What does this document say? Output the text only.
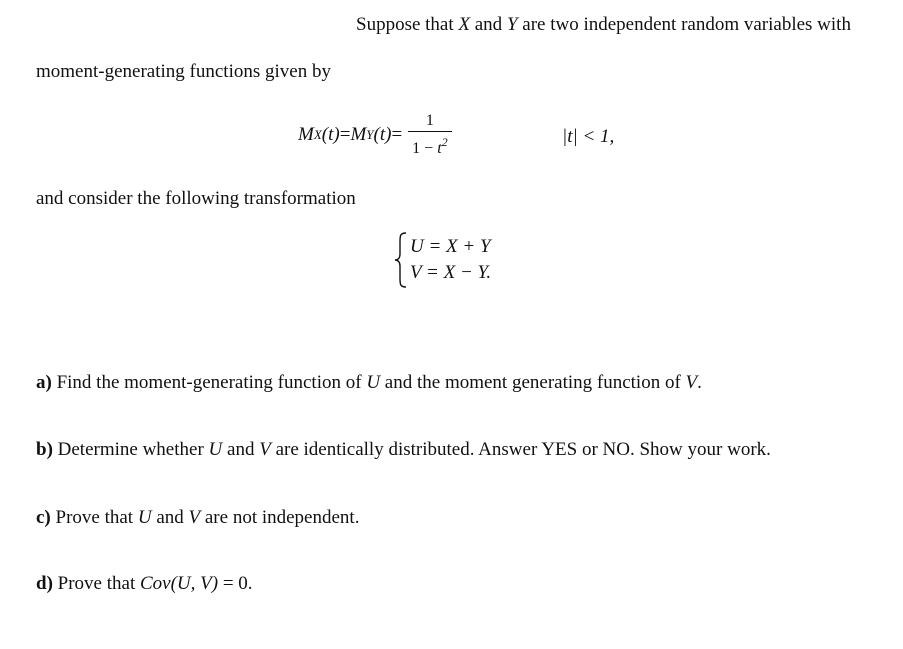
Suppose that X and Y are two independent random variables with
moment-generating functions given by
M X (t) = M Y $(t) = \frac{1}{1 - t^2}$	|t| < 1,
and consider the following transformation
U = X + Y
V = X − Y.
a) Find the moment-generating function of U and the moment generating function of V.
b) Determine whether U and V are identically distributed. Answer YES or NO. Show your work.
c) Prove that U and V are not independent.
d) Prove that Cov(U, V) = 0.
